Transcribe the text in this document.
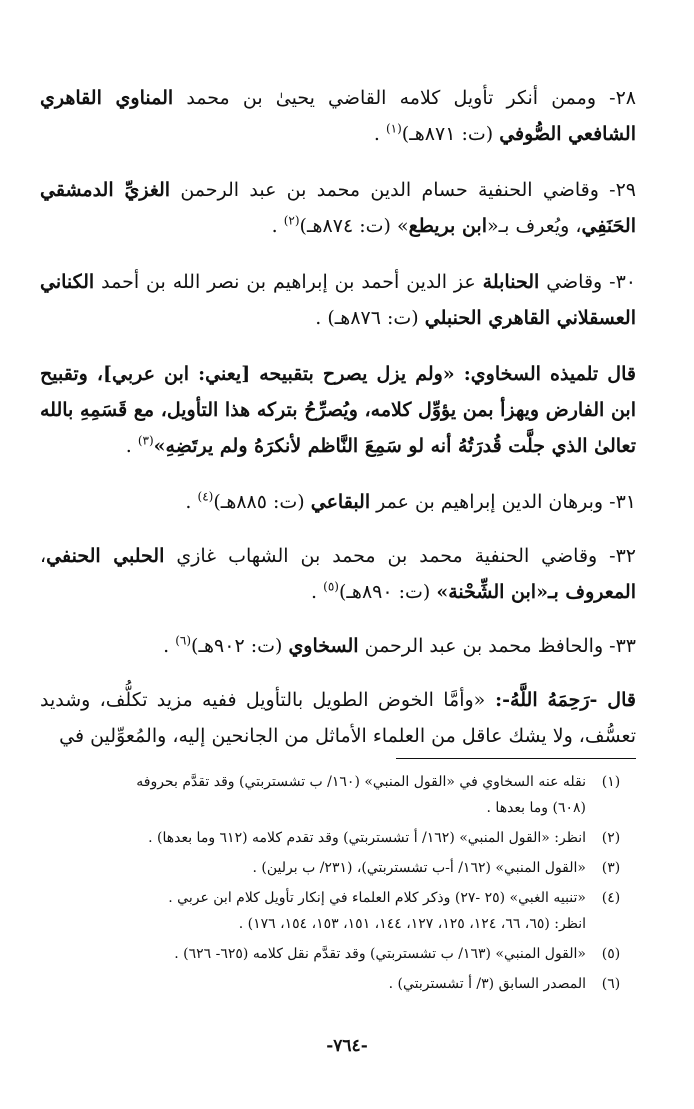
٢٨- وممن أنكر تأويل كلامه القاضي يحيىٰ بن محمد المناوي القاهري الشافعي الصُّوفي (ت: ٨٧١هـ)$^{(١)}$ .

٢٩- وقاضي الحنفية حسام الدين محمد بن عبد الرحمن الغزيِّ الدمشقي الحَنَفِي، ويُعرف بـ«ابن بريطع» (ت: ٨٧٤هـ)$^{(٢)}$ .

٣٠- وقاضي الحنابلة عز الدين أحمد بن إبراهيم بن نصر الله بن أحمد الكناني العسقلاني القاهري الحنبلي (ت: ٨٧٦هـ) .

قال تلميذه السخاوي: «ولم يزل يصرح بتقبيحه [يعني: ابن عربي]، وتقبيح ابن الفارض ويهزأ بمن يؤوِّل كلامه، ويُصرِّحُ بتركه هذا التأويل، مع قَسَمِهِ بالله تعالىٰ الذي جلَّت قُدرَتُهُ أنه لو سَمِعَ النَّاظم لأنكرَهُ ولم يرتَضِهِ»$^{(٣)}$ .

٣١- وبرهان الدين إبراهيم بن عمر البقاعي (ت: ٨٨٥هـ)$^{(٤)}$ .

٣٢- وقاضي الحنفية محمد بن محمد بن الشهاب غازي الحلبي الحنفي، المعروف بـ«ابن الشِّحْنة» (ت: ٨٩٠هـ)$^{(٥)}$ .

٣٣- والحافظ محمد بن عبد الرحمن السخاوي (ت: ٩٠٢هـ)$^{(٦)}$ .

قال -رَحِمَهُ اللَّهُ-: «وأمَّا الخوض الطويل بالتأويل ففيه مزيد تكلُّف، وشديد تعسُّف، ولا يشك عاقل من العلماء الأماثل من الجانحين إليه، والمُعوِّلين في

(١)
نقله عنه السخاوي في «القول المنبي» (١٦٠/ ب تشستربتي) وقد تقدَّم بحروفه
(٦٠٨) وما بعدها .
(٢)
انظر: «القول المنبي» (١٦٢/ أ تشستربتي) وقد تقدم كلامه (٦١٢ وما بعدها) .
(٣)
«القول المنبي» (١٦٢/ أ-ب تشستربتي)، (٢٣١/ ب برلين) .
(٤)
«تنبيه الغبي» (٢٥ -٢٧) وذكر كلام العلماء في إنكار تأويل كلام ابن عربي .
انظر: (٦٥، ٦٦، ١٢٤، ١٢٥، ١٢٧، ١٤٤، ١٥١، ١٥٣، ١٥٤، ١٧٦) .
(٥)
«القول المنبي» (١٦٣/ ب تشستربتي) وقد تقدَّم نقل كلامه (٦٢٥- ٦٢٦) .
(٦)
المصدر السابق (٣/ أ تشستربتي) .
-٧٦٤-
